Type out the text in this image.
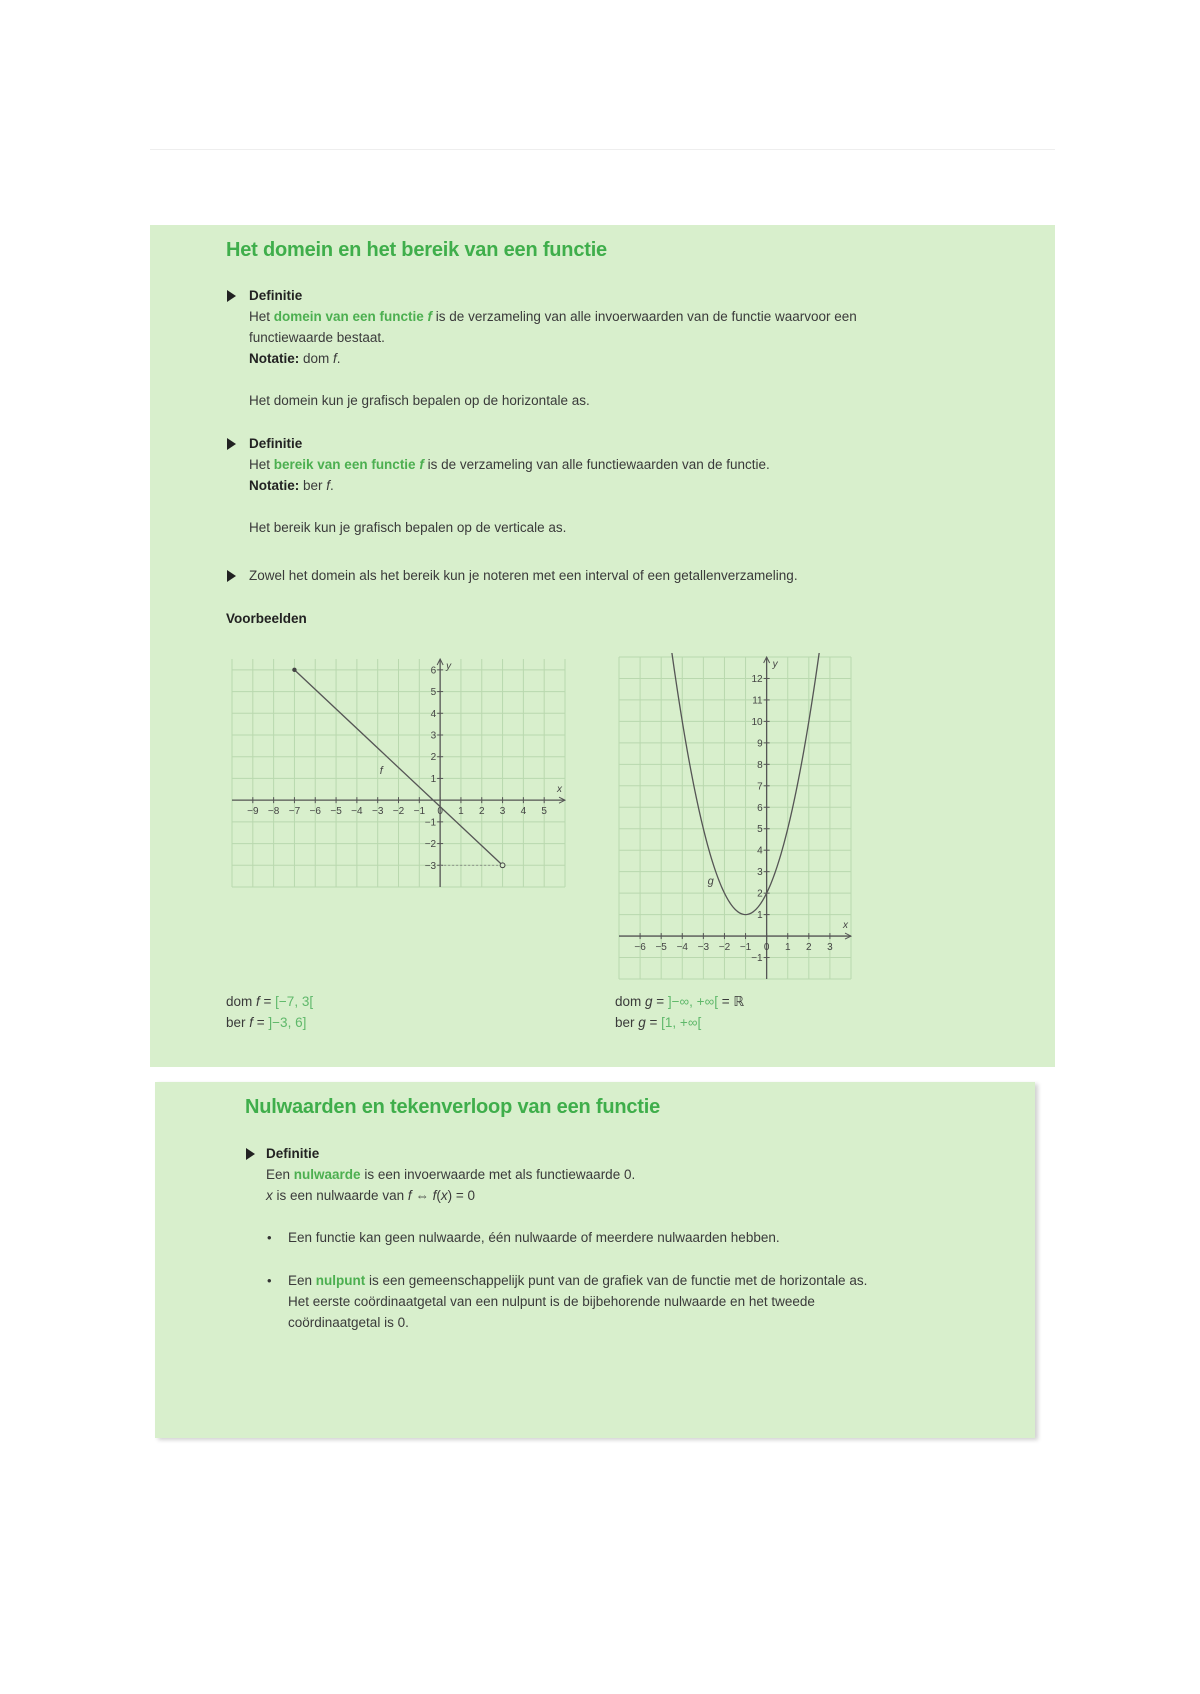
Het domein en het bereik van een functie
Definitie
Het domein van een functie f is de verzameling van alle invoerwaarden van de functie waarvoor een
functiewaarde bestaat.
Notatie: dom f.
Het domein kun je grafisch bepalen op de horizontale as.
Definitie
Het bereik van een functie f is de verzameling van alle functiewaarden van de functie.
Notatie: ber f.
Het bereik kun je grafisch bepalen op de verticale as.
Zowel het domein als het bereik kun je noteren met een interval of een getallenverzameling.
Voorbeelden
x
y
−9 −8 −7 −6 −5 −4 −3 −2 −1 0 1 2 3 4 5
−3
−2
−1
1
2
3
4
5
6
f
x
y
−6 −5 −4 −3 −2 −1 0 1 2 3
−1
1
2
3
4
5
6
7
8
9
10
11
12
g
dom f = [−7, 3[
ber f = ]−3, 6]
dom g = ]−∞, +∞[ = ℝ
ber g = [1, +∞[
Nulwaarden en tekenverloop van een functie
Definitie
Een nulwaarde is een invoerwaarde met als functiewaarde 0.
x is een nulwaarde van f ⇔ f(x) = 0
• Een functie kan geen nulwaarde, één nulwaarde of meerdere nulwaarden hebben.
• Een nulpunt is een gemeenschappelijk punt van de grafiek van de functie met de horizontale as.
Het eerste coördinaatgetal van een nulpunt is de bijbehorende nulwaarde en het tweede
coördinaatgetal is 0.
